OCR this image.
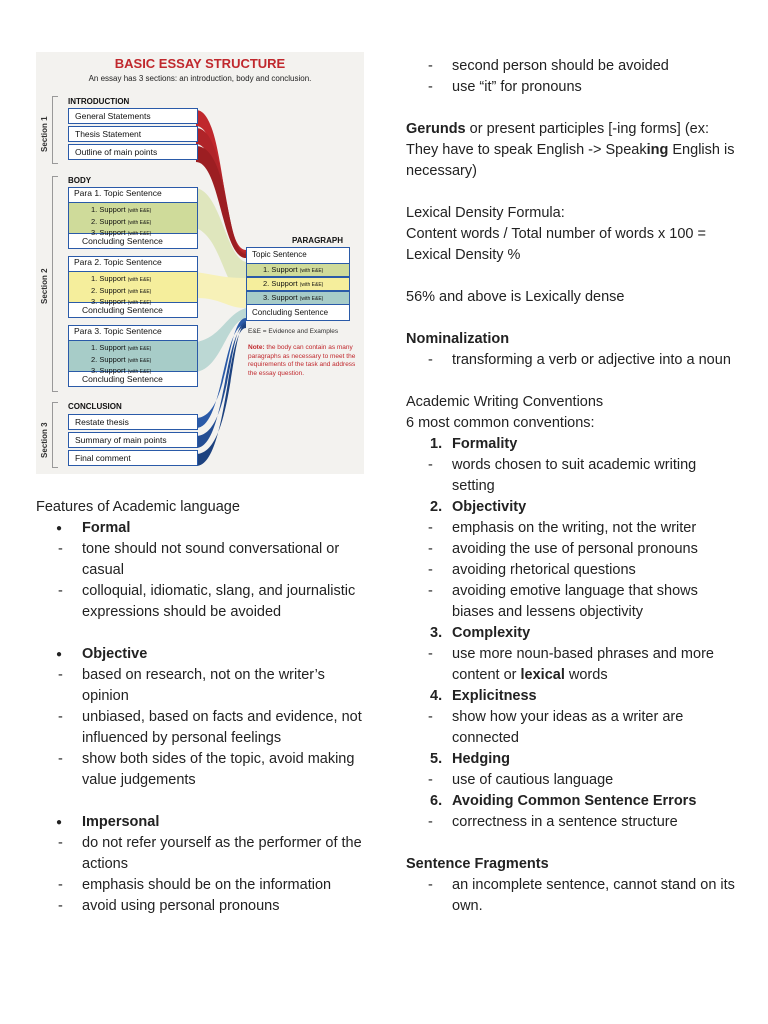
BASIC ESSAY STRUCTURE
An essay has 3 sections: an introduction, body and conclusion.
Section 1
Section 2
Section 3
INTRODUCTION
General Statements
Thesis Statement
Outline of main points
BODY
Para 1. Topic Sentence
1. Support (with E&E)
2. Support (with E&E)
3. Support (with E&E)
Concluding Sentence
Para 2. Topic Sentence
1. Support (with E&E)
2. Support (with E&E)
3. Support (with E&E)
Concluding Sentence
Para 3. Topic Sentence
1. Support (with E&E)
2. Support (with E&E)
3. Support (with E&E)
Concluding Sentence
PARAGRAPH
Topic Sentence
1. Support (with E&E)
2. Support (with E&E)
3. Support (with E&E)
Concluding Sentence
E&E = Evidence and Examples
Note: the body can contain as many paragraphs as necessary to meet the requirements of the task and address the essay question.
CONCLUSION
Restate thesis
Summary of main points
Final comment

Features of Academic language

● Formal

- tone should not sound conversational or casual

- colloquial, idiomatic, slang, and journalistic expressions should be avoided

● Objective

- based on research, not on the writer’s opinion

- unbiased, based on facts and evidence, not influenced by personal feelings

- show both sides of the topic, avoid making value judgements

● Impersonal

- do not refer yourself as the performer of the actions

- emphasis should be on the information

- avoid using personal pronouns

- second person should be avoided

- use “it” for pronouns

Gerunds or present participles [-ing forms] (ex: They have to speak English -> Speaking English is necessary)

Lexical Density Formula:

Content words / Total number of words x 100 = Lexical Density %

56% and above is Lexically dense

Nominalization

- transforming a verb or adjective into a noun

Academic Writing Conventions

6 most common conventions:

1. Formality

- words chosen to suit academic writing setting

2. Objectivity

- emphasis on the writing, not the writer

- avoiding the use of personal pronouns

- avoiding rhetorical questions

- avoiding emotive language that shows biases and lessens objectivity

3. Complexity

- use more noun-based phrases and more content or lexical words

4. Explicitness

- show how your ideas as a writer are connected

5. Hedging

- use of cautious language

6. Avoiding Common Sentence Errors

- correctness in a sentence structure

Sentence Fragments

- an incomplete sentence, cannot stand on its own.
